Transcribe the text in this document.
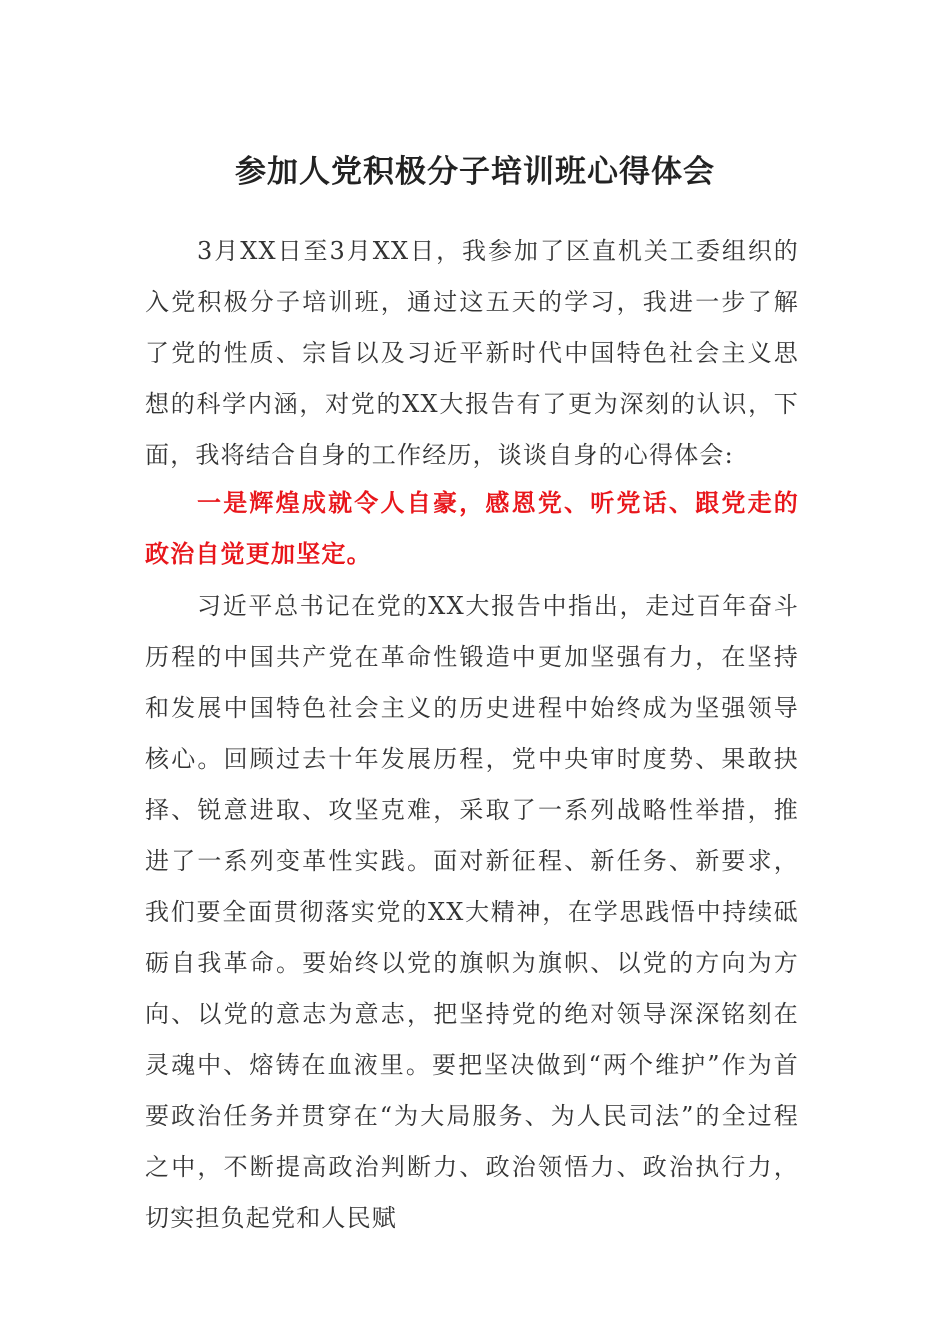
参加人党积极分子培训班心得体会

3月XX日至3月XX日，我参加了区直机关工委组织的入党积极分子培训班，通过这五天的学习，我进一步了解了党的性质、宗旨以及习近平新时代中国特色社会主义思想的科学内涵，对党的XX大报告有了更为深刻的认识，下面，我将结合自身的工作经历，谈谈自身的心得体会:

一是辉煌成就令人自豪，感恩党、听党话、跟党走的政治自觉更加坚定。

习近平总书记在党的XX大报告中指出，走过百年奋斗历程的中国共产党在革命性锻造中更加坚强有力，在坚持和发展中国特色社会主义的历史进程中始终成为坚强领导核心。回顾过去十年发展历程，党中央审时度势、果敢抉择、锐意进取、攻坚克难，采取了一系列战略性举措，推进了一系列变革性实践。面对新征程、新任务、新要求，我们要全面贯彻落实党的XX大精神，在学思践悟中持续砥砺自我革命。要始终以党的旗帜为旗帜、以党的方向为方向、以党的意志为意志，把坚持党的绝对领导深深铭刻在灵魂中、熔铸在血液里。要把坚决做到“两个维护”作为首要政治任务并贯穿在“为大局服务、为人民司法”的全过程之中，不断提高政治判断力、政治领悟力、政治执行力，切实担负起党和人民赋
